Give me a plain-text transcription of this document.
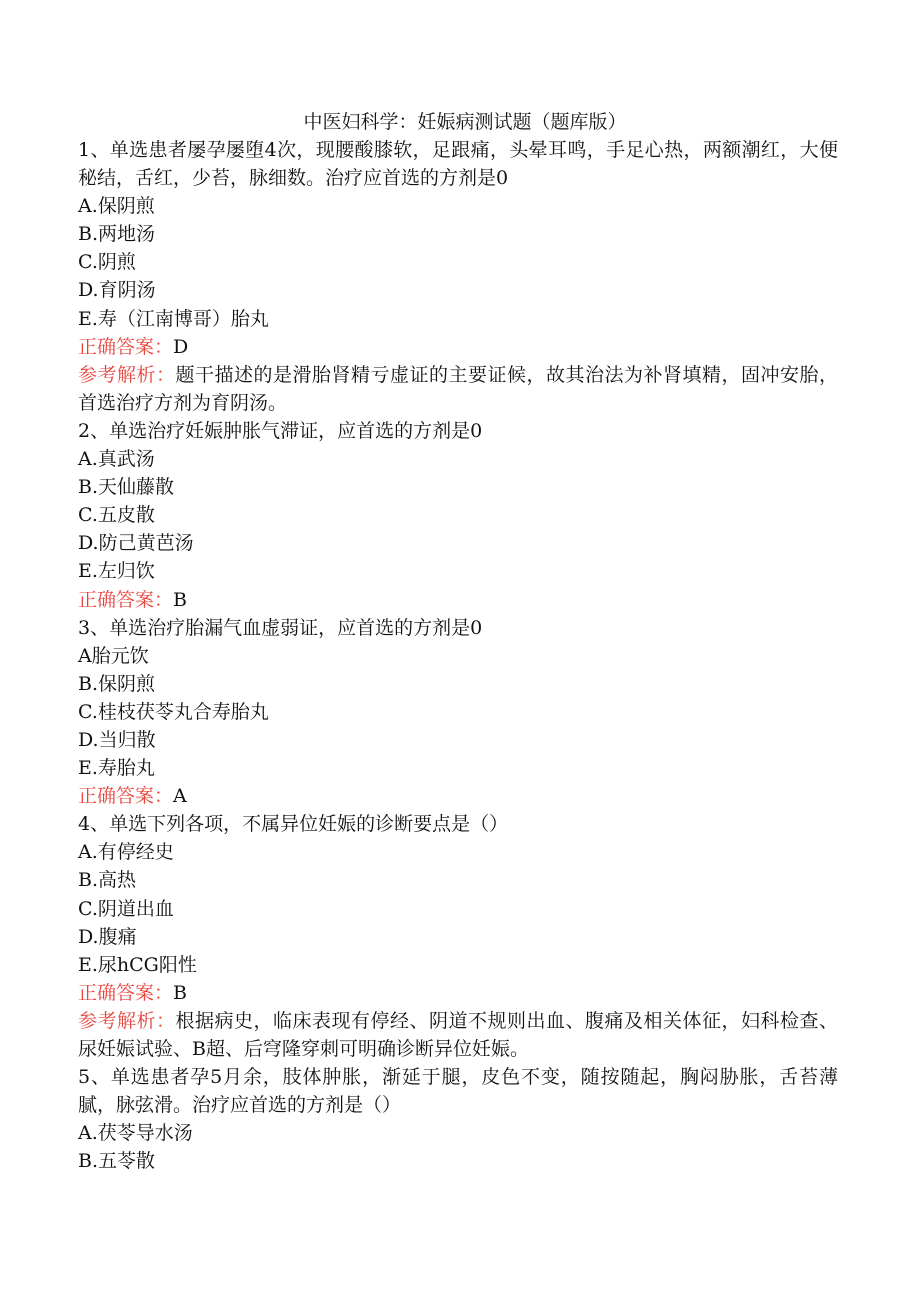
中医妇科学：妊娠病测试题（题库版）
1、单选患者屡孕屡堕4次，现腰酸膝软，足跟痛，头晕耳鸣，手足心热，两额潮红，大便秘结，舌红，少苔，脉细数。治疗应首选的方剂是0
A.保阴煎
B.两地汤
C.阴煎
D.育阴汤
E.寿（江南博哥）胎丸
正确答案：D
参考解析：题干描述的是滑胎肾精亏虚证的主要证候，故其治法为补肾填精，固冲安胎，首选治疗方剂为育阴汤。
2、单选治疗妊娠肿胀气滞证，应首选的方剂是0
A.真武汤
B.天仙藤散
C.五皮散
D.防己黄芭汤
E.左归饮
正确答案：B
3、单选治疗胎漏气血虚弱证，应首选的方剂是0
A胎元饮
B.保阴煎
C.桂枝茯苓丸合寿胎丸
D.当归散
E.寿胎丸
正确答案：A
4、单选下列各项，不属异位妊娠的诊断要点是（）
A.有停经史
B.高热
C.阴道出血
D.腹痛
E.尿hCG阳性
正确答案：B
参考解析：根据病史，临床表现有停经、阴道不规则出血、腹痛及相关体征，妇科检查、尿妊娠试验、B超、后穹隆穿刺可明确诊断异位妊娠。
5、单选患者孕5月余，肢体肿胀，渐延于腿，皮色不变，随按随起，胸闷胁胀，舌苔薄腻，脉弦滑。治疗应首选的方剂是（）
A.茯苓导水汤
B.五苓散
